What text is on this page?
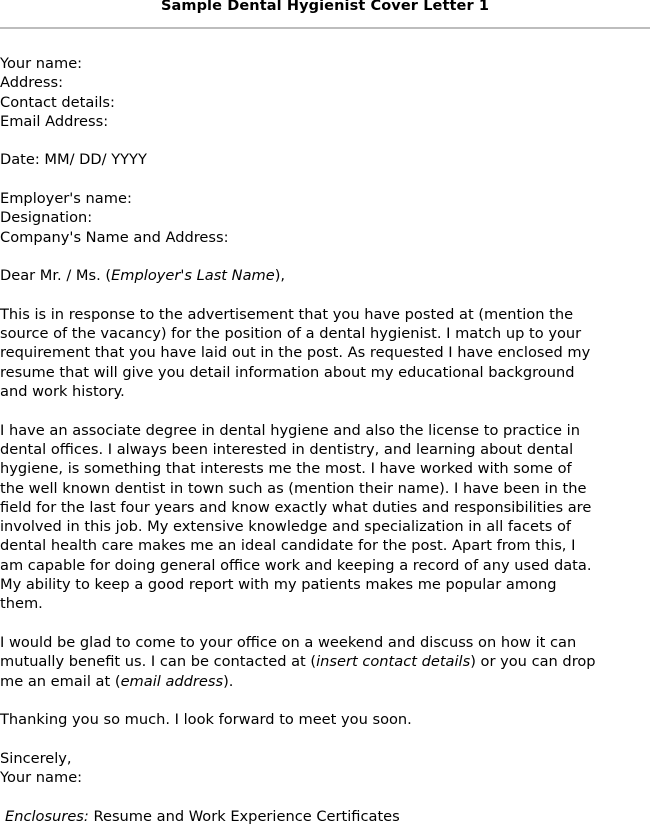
Sample Dental Hygienist Cover Letter 1
Your name:
Address:
Contact details:
Email Address:
Date: MM/ DD/ YYYY
Employer's name:
Designation:
Company's Name and Address:
Dear Mr. / Ms. (Employer's Last Name),
This is in response to the advertisement that you have posted at (mention the
source of the vacancy) for the position of a dental hygienist. I match up to your
requirement that you have laid out in the post. As requested I have enclosed my
resume that will give you detail information about my educational background
and work history.
I have an associate degree in dental hygiene and also the license to practice in
dental offices. I always been interested in dentistry, and learning about dental
hygiene, is something that interests me the most. I have worked with some of
the well known dentist in town such as (mention their name). I have been in the
field for the last four years and know exactly what duties and responsibilities are
involved in this job. My extensive knowledge and specialization in all facets of
dental health care makes me an ideal candidate for the post. Apart from this, I
am capable for doing general office work and keeping a record of any used data.
My ability to keep a good report with my patients makes me popular among
them.
I would be glad to come to your office on a weekend and discuss on how it can
mutually benefit us. I can be contacted at (insert contact details) or you can drop
me an email at (email address).
Thanking you so much. I look forward to meet you soon.
Sincerely,
Your name:
Enclosures: Resume and Work Experience Certificates
